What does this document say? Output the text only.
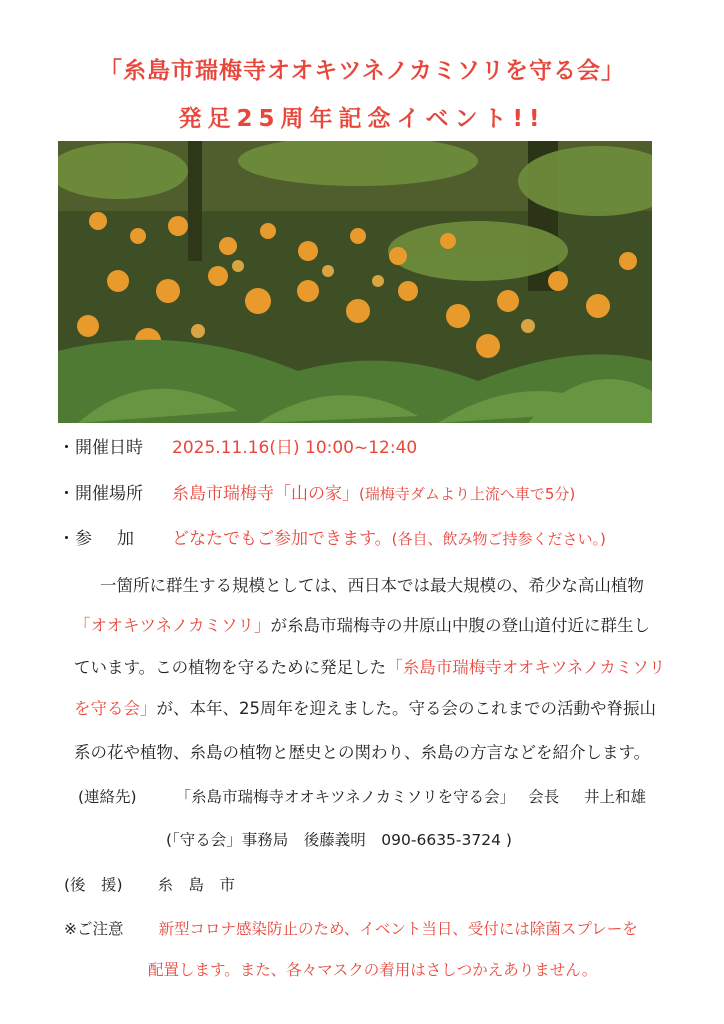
「糸島市瑞梅寺オオキツネノカミソリを守る会」
発足25周年記念イベント!!
・ 開催日時 2025.11.16(日) 10:00~12:40
・ 開催場所 糸島市瑞梅寺「山の家」(瑞梅寺ダムより上流へ車で5分)
・ 参　加 どなたでもご参加できます。(各自、飲み物ご持参ください。)
一箇所に群生する規模としては、西日本では最大規模の、希少な高山植物
「オオキツネノカミソリ」が糸島市瑞梅寺の井原山中腹の登山道付近に群生し
ています。この植物を守るために発足した「糸島市瑞梅寺オオキツネノカミソリ
を守る会」が、本年、25周年を迎えました。守る会のこれまでの活動や脊振山
系の花や植物、糸島の植物と歴史との関わり、糸島の方言などを紹介します。
(連絡先)	「糸島市瑞梅寺オオキツネノカミソリを守る会」 会長 井上和雄
(「守る会」事務局　後藤義明　090-6635-3724 )
(後　援) 糸　島　市
※ご注意 新型コロナ感染防止のため、イベント当日、受付には除菌スプレーを
配置します。また、各々マスクの着用はさしつかえありません。
